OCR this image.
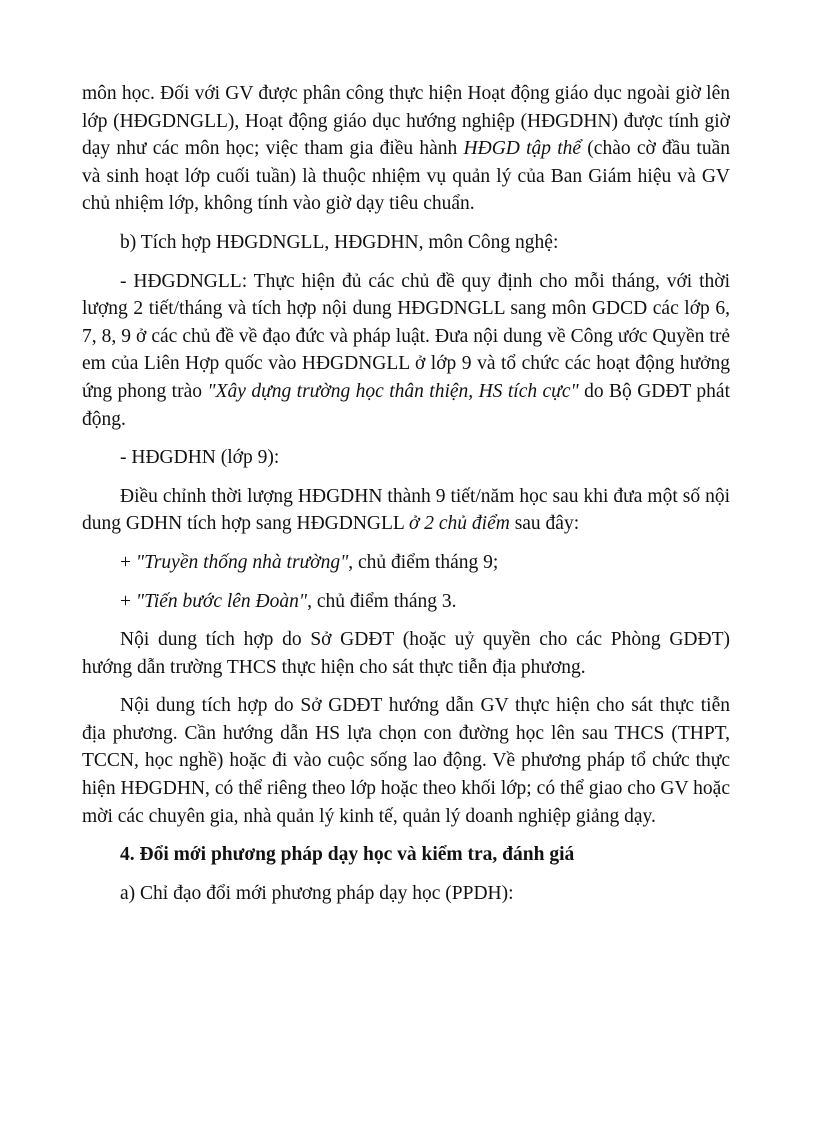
môn học. Đối với GV được phân công thực hiện Hoạt động giáo dục ngoài giờ lên lớp (HĐGDNGLL), Hoạt động giáo dục hướng nghiệp (HĐGDHN) được tính giờ dạy như các môn học; việc tham gia điều hành HĐGD tập thể (chào cờ đầu tuần và sinh hoạt lớp cuối tuần) là thuộc nhiệm vụ quản lý của Ban Giám hiệu và GV chủ nhiệm lớp, không tính vào giờ dạy tiêu chuẩn.

b) Tích hợp HĐGDNGLL, HĐGDHN, môn Công nghệ:

- HĐGDNGLL: Thực hiện đủ các chủ đề quy định cho mỗi tháng, với thời lượng 2 tiết/tháng và tích hợp nội dung HĐGDNGLL sang môn GDCD các lớp 6, 7, 8, 9 ở các chủ đề về đạo đức và pháp luật. Đưa nội dung về Công ước Quyền trẻ em của Liên Hợp quốc vào HĐGDNGLL ở lớp 9 và tổ chức các hoạt động hưởng ứng phong trào "Xây dựng trường học thân thiện, HS tích cực" do Bộ GDĐT phát động.

- HĐGDHN (lớp 9):

Điều chỉnh thời lượng HĐGDHN thành 9 tiết/năm học sau khi đưa một số nội dung GDHN tích hợp sang HĐGDNGLL ở 2 chủ điểm sau đây:

+ "Truyền thống nhà trường", chủ điểm tháng 9;

+ "Tiến bước lên Đoàn", chủ điểm tháng 3.

Nội dung tích hợp do Sở GDĐT (hoặc uỷ quyền cho các Phòng GDĐT) hướng dẫn trường THCS thực hiện cho sát thực tiễn địa phương.

Nội dung tích hợp do Sở GDĐT hướng dẫn GV thực hiện cho sát thực tiễn địa phương. Cần hướng dẫn HS lựa chọn con đường học lên sau THCS (THPT, TCCN, học nghề) hoặc đi vào cuộc sống lao động. Về phương pháp tổ chức thực hiện HĐGDHN, có thể riêng theo lớp hoặc theo khối lớp; có thể giao cho GV hoặc mời các chuyên gia, nhà quản lý kinh tế, quản lý doanh nghiệp giảng dạy.

4. Đổi mới phương pháp dạy học và kiểm tra, đánh giá

a) Chỉ đạo đổi mới phương pháp dạy học (PPDH):
